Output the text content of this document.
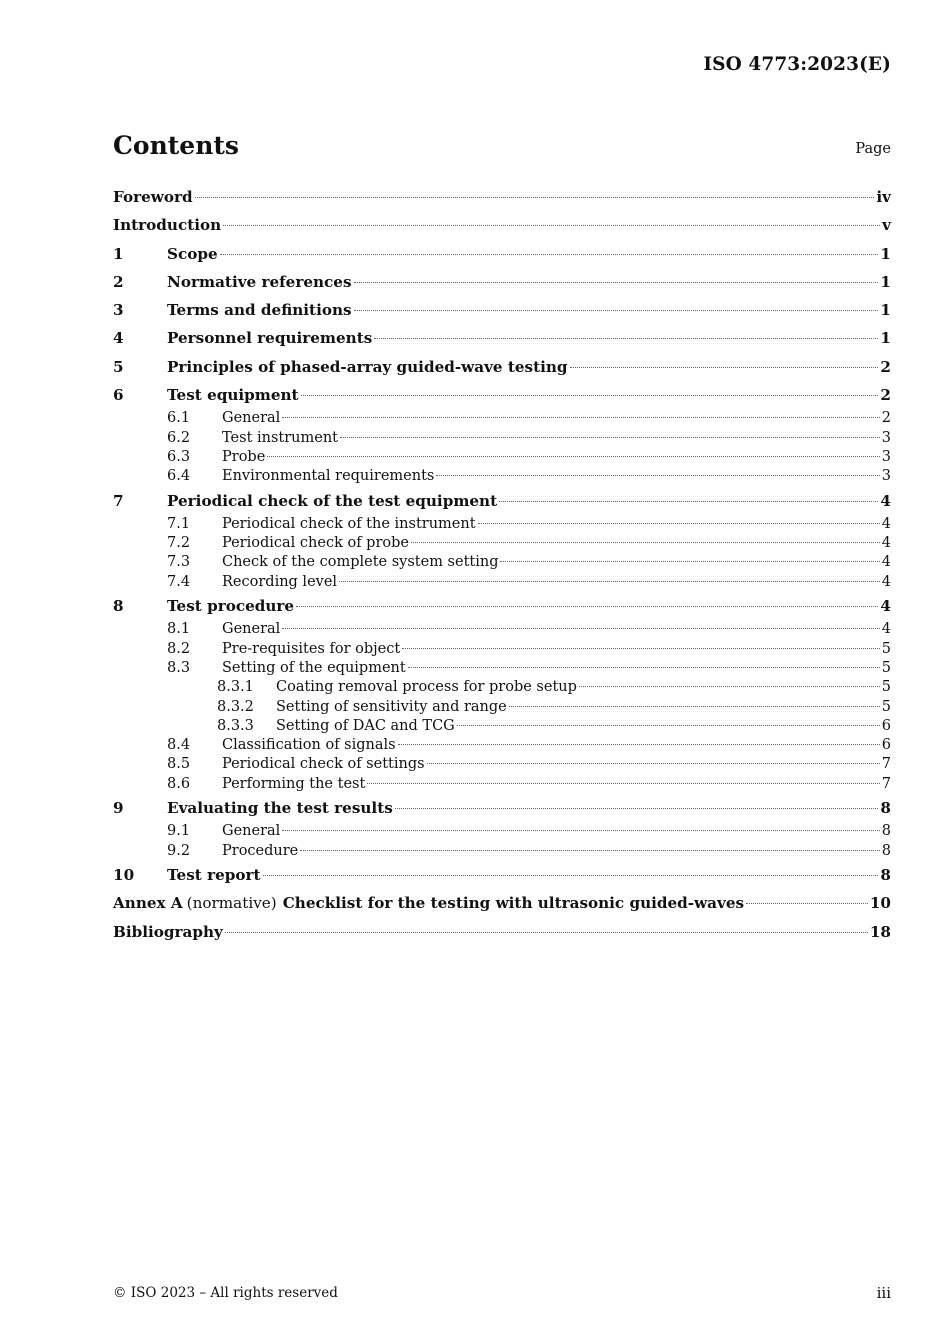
ISO 4773:2023(E)
Contents	Page
Foreword	iv
Introduction	v
1	Scope	1
2	Normative references	1
3	Terms and definitions	1
4	Personnel requirements	1
5	Principles of phased-array guided-wave testing	2
6	Test equipment	2
6.1	General	2
6.2	Test instrument	3
6.3	Probe	3
6.4	Environmental requirements	3
7	Periodical check of the test equipment	4
7.1	Periodical check of the instrument	4
7.2	Periodical check of probe	4
7.3	Check of the complete system setting	4
7.4	Recording level	4
8	Test procedure	4
8.1	General	4
8.2	Pre-requisites for object	5
8.3	Setting of the equipment	5
8.3.1	Coating removal process for probe setup	5
8.3.2	Setting of sensitivity and range	5
8.3.3	Setting of DAC and TCG	6
8.4	Classification of signals	6
8.5	Periodical check of settings	7
8.6	Performing the test	7
9	Evaluating the test results	8
9.1	General	8
9.2	Procedure	8
10	Test report	8
Annex A (normative) Checklist for the testing with ultrasonic guided-waves	10
Bibliography	18
© ISO 2023 – All rights reserved	iii
